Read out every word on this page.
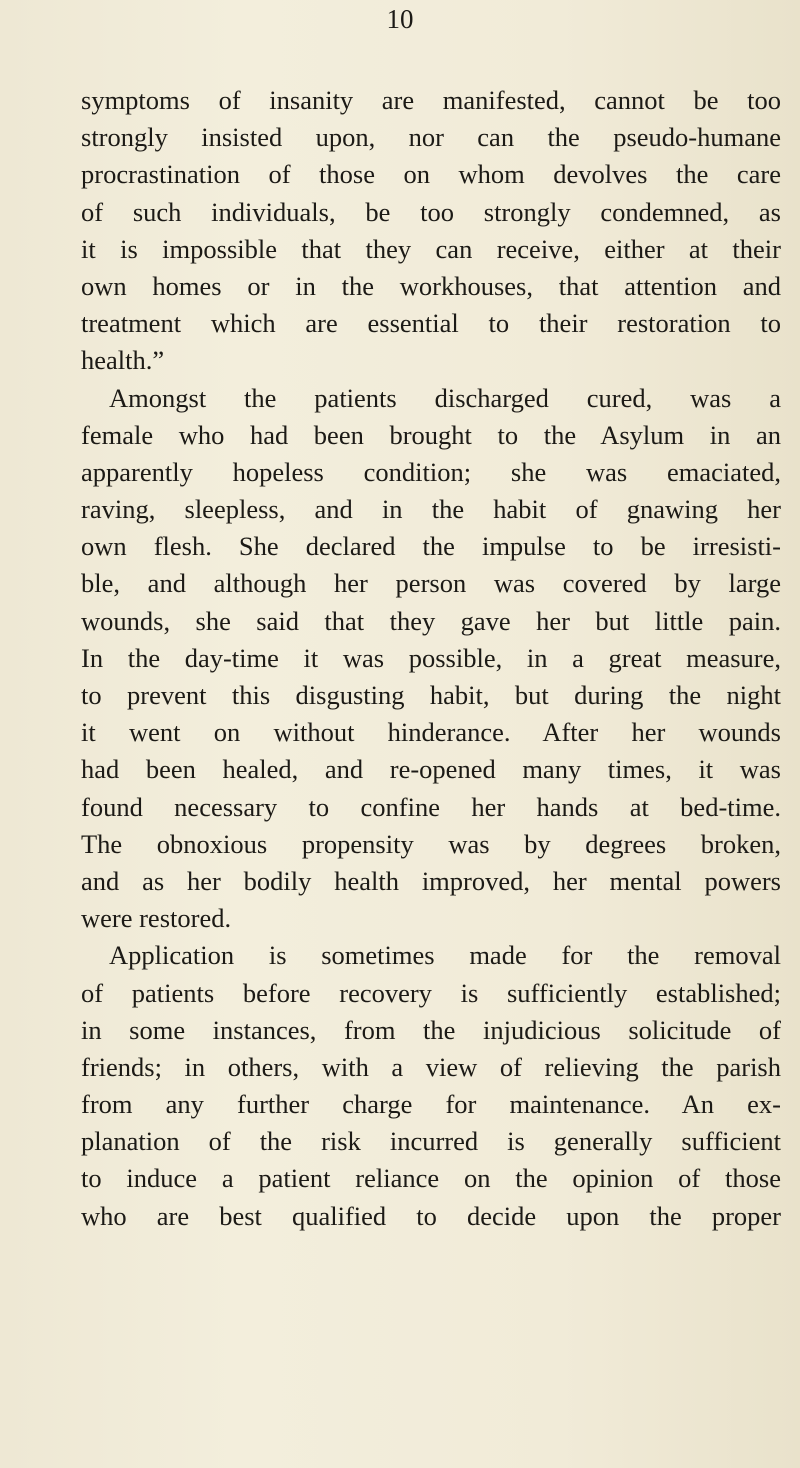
10
symptoms of insanity are manifested, cannot be too
strongly insisted upon, nor can the pseudo-humane
procrastination of those on whom devolves the care
of such individuals, be too strongly condemned, as
it is impossible that they can receive, either at their
own homes or in the workhouses, that attention and
treatment which are essential to their restoration to
health.”
Amongst the patients discharged cured, was a
female who had been brought to the Asylum in an
apparently hopeless condition; she was emaciated,
raving, sleepless, and in the habit of gnawing her
own flesh. She declared the impulse to be irresisti-
ble, and although her person was covered by large
wounds, she said that they gave her but little pain.
In the day-time it was possible, in a great measure,
to prevent this disgusting habit, but during the night
it went on without hinderance. After her wounds
had been healed, and re-opened many times, it was
found necessary to confine her hands at bed-time.
The obnoxious propensity was by degrees broken,
and as her bodily health improved, her mental powers
were restored.
Application is sometimes made for the removal
of patients before recovery is sufficiently established;
in some instances, from the injudicious solicitude of
friends; in others, with a view of relieving the parish
from any further charge for maintenance. An ex-
planation of the risk incurred is generally sufficient
to induce a patient reliance on the opinion of those
who are best qualified to decide upon the proper
